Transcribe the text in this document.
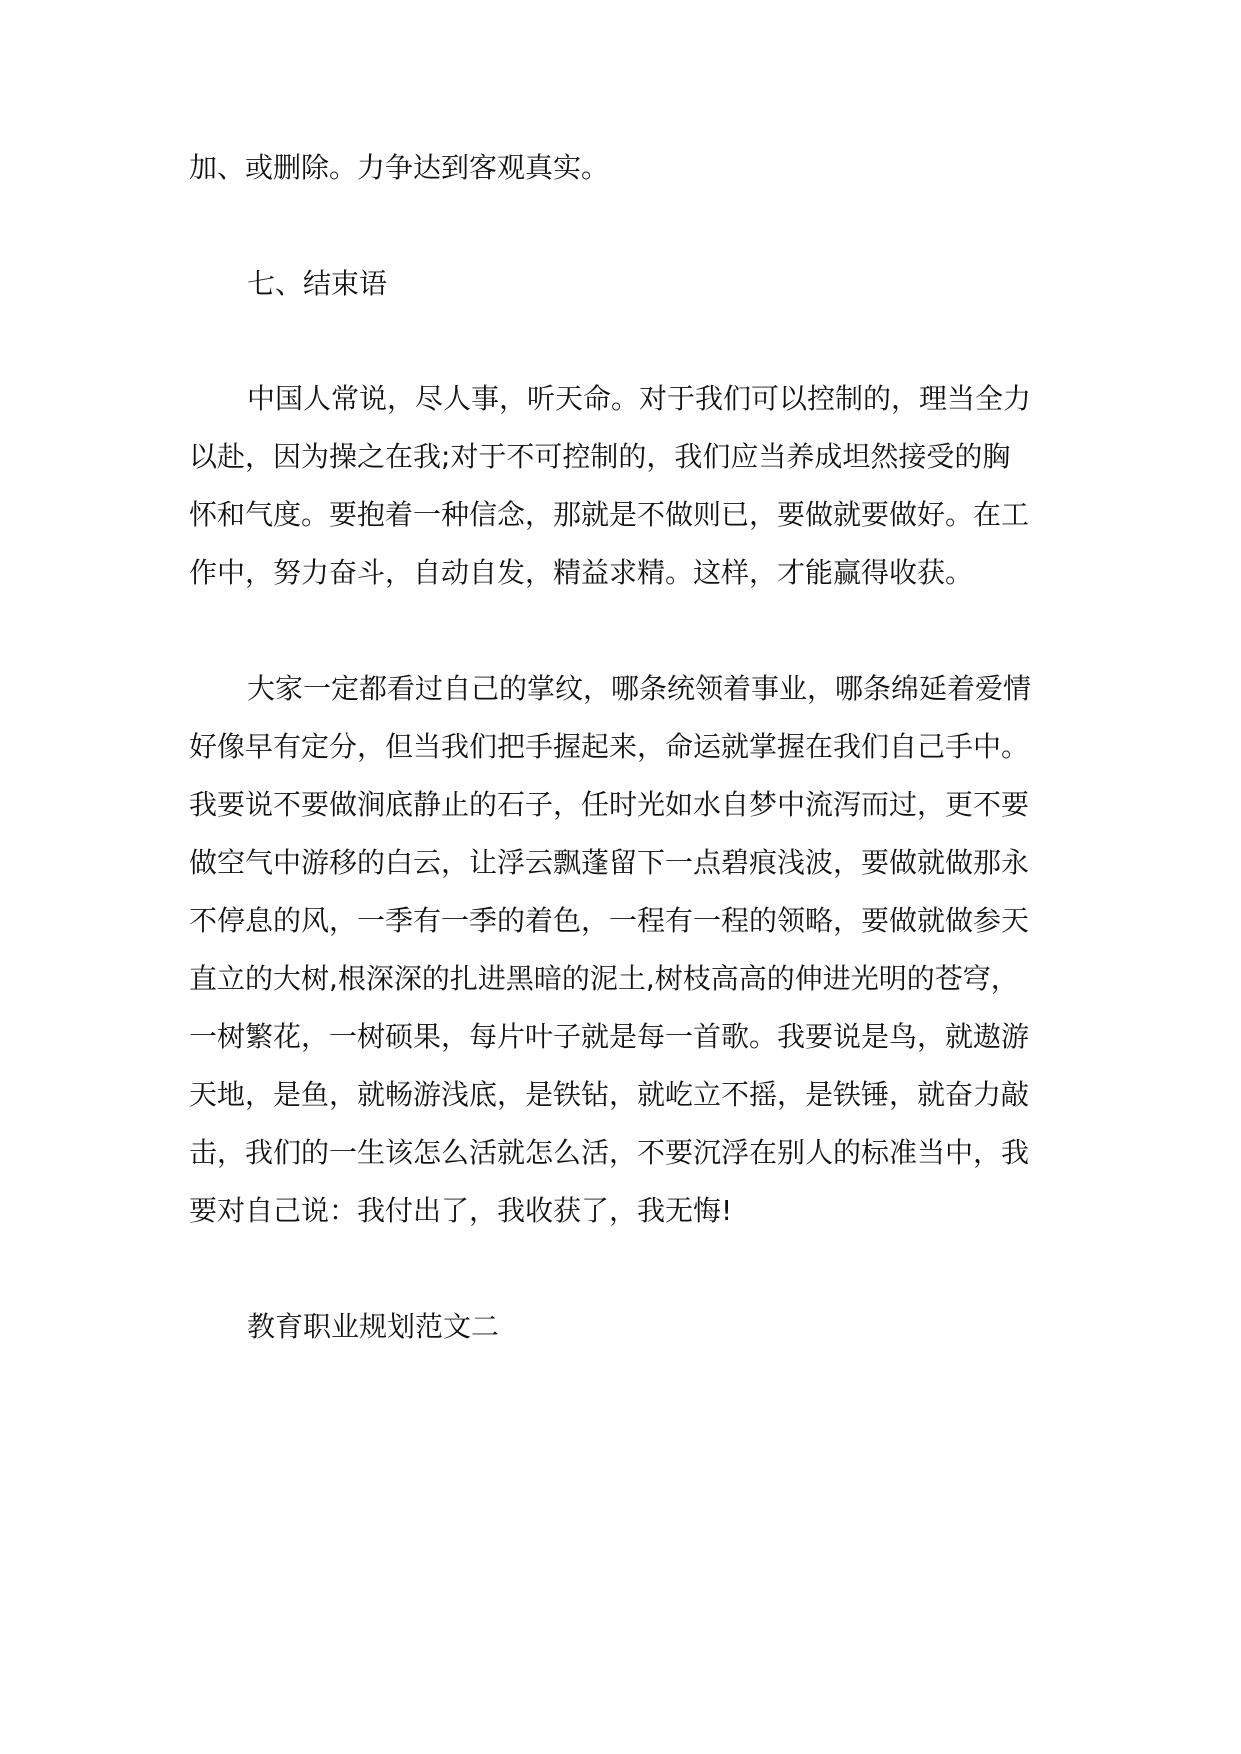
加、或删除。力争达到客观真实。
七、结束语
中国人常说，尽人事，听天命。对于我们可以控制的，理当全力
以赴，因为操之在我;对于不可控制的，我们应当养成坦然接受的胸
怀和气度。要抱着一种信念，那就是不做则已，要做就要做好。在工
作中，努力奋斗，自动自发，精益求精。这样，才能赢得收获。
大家一定都看过自己的掌纹，哪条统领着事业，哪条绵延着爱情
好像早有定分，但当我们把手握起来，命运就掌握在我们自己手中。
我要说不要做涧底静止的石子，任时光如水自梦中流泻而过，更不要
做空气中游移的白云，让浮云飘蓬留下一点碧痕浅波，要做就做那永
不停息的风，一季有一季的着色，一程有一程的领略，要做就做参天
直立的大树,根深深的扎进黑暗的泥土,树枝高高的伸进光明的苍穹，
一树繁花，一树硕果，每片叶子就是每一首歌。我要说是鸟，就遨游
天地，是鱼，就畅游浅底，是铁钻，就屹立不摇，是铁锤，就奋力敲
击，我们的一生该怎么活就怎么活，不要沉浮在别人的标准当中，我
要对自己说：我付出了，我收获了，我无悔!
教育职业规划范文二
